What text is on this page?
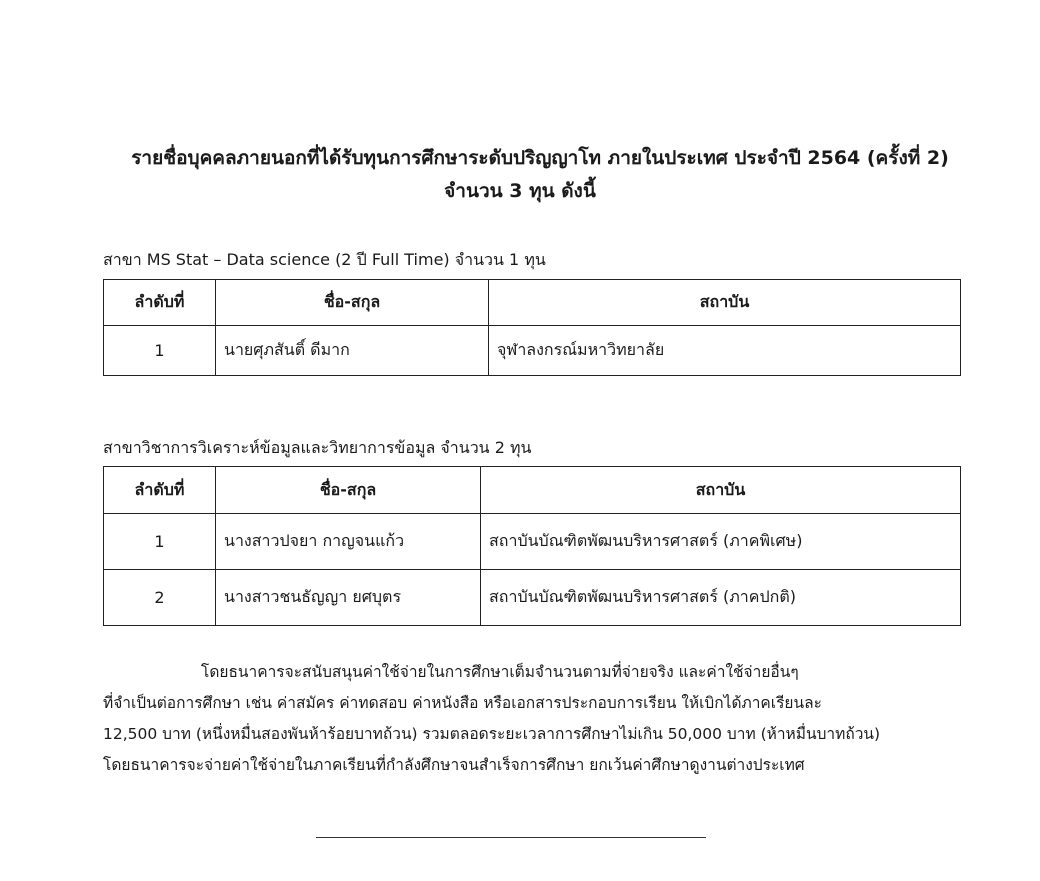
รายชื่อบุคคลภายนอกที่ได้รับทุนการศึกษาระดับปริญญาโท ภายในประเทศ ประจำปี 2564 (ครั้งที่ 2)
จำนวน 3 ทุน ดังนี้
สาขา MS Stat – Data science (2 ปี Full Time) จำนวน 1 ทุน
ลำดับที่	ชื่อ-สกุล	สถาบัน
1	นายศุภสันติ์ ดีมาก	จุฬาลงกรณ์มหาวิทยาลัย
สาขาวิชาการวิเคราะห์ข้อมูลและวิทยาการข้อมูล จำนวน 2 ทุน
ลำดับที่	ชื่อ-สกุล	สถาบัน
1	นางสาวปจยา กาญจนแก้ว	สถาบันบัณฑิตพัฒนบริหารศาสตร์ (ภาคพิเศษ)
2	นางสาวชนธัญญา ยศบุตร	สถาบันบัณฑิตพัฒนบริหารศาสตร์ (ภาคปกติ)
โดยธนาคารจะสนับสนุนค่าใช้จ่ายในการศึกษาเต็มจำนวนตามที่จ่ายจริง และค่าใช้จ่ายอื่นๆ
ที่จำเป็นต่อการศึกษา เช่น ค่าสมัคร ค่าทดสอบ ค่าหนังสือ หรือเอกสารประกอบการเรียน ให้เบิกได้ภาคเรียนละ
12,500 บาท (หนึ่งหมื่นสองพันห้าร้อยบาทถ้วน) รวมตลอดระยะเวลาการศึกษาไม่เกิน 50,000 บาท (ห้าหมื่นบาทถ้วน)
โดยธนาคารจะจ่ายค่าใช้จ่ายในภาคเรียนที่กำลังศึกษาจนสำเร็จการศึกษา ยกเว้นค่าศึกษาดูงานต่างประเทศ
